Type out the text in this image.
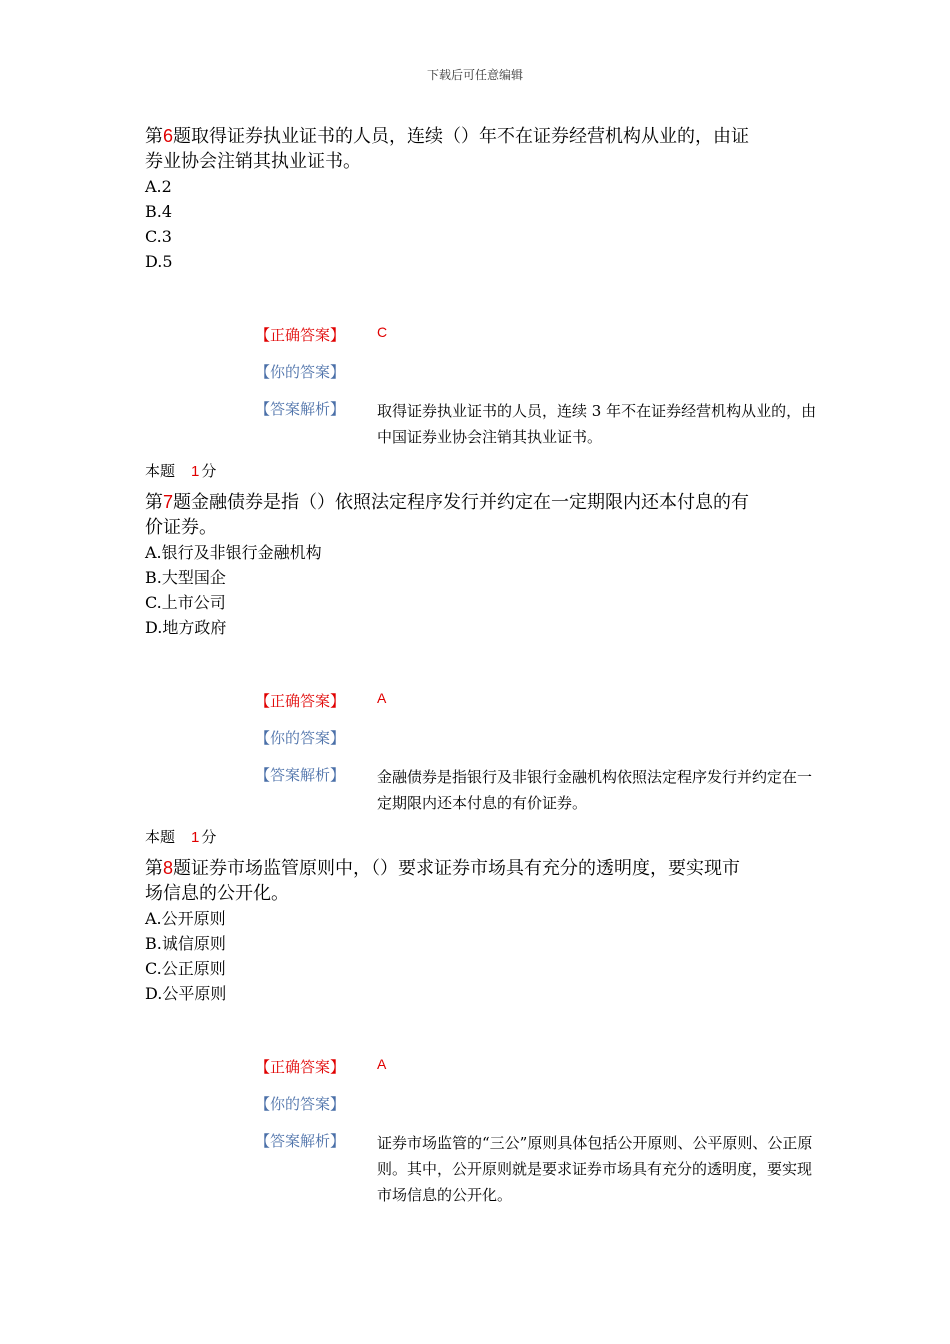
下载后可任意编辑
第6题取得证券执业证书的人员，连续（）年不在证券经营机构从业的，由证
券业协会注销其执业证书。
A.2
B.4
C.3
D.5
【正确答案】	C
【你的答案】
【答案解析】	取得证券执业证书的人员，连续 3 年不在证券经营机构从业的，由中国证券业协会注销其执业证书。
本题 1 分
第7题金融债券是指（）依照法定程序发行并约定在一定期限内还本付息的有
价证券。
A.银行及非银行金融机构
B.大型国企
C.上市公司
D.地方政府
【正确答案】	A
【你的答案】
【答案解析】	金融债券是指银行及非银行金融机构依照法定程序发行并约定在一定期限内还本付息的有价证券。
本题 1 分
第8题证券市场监管原则中，（）要求证券市场具有充分的透明度，要实现市
场信息的公开化。
A.公开原则
B.诚信原则
C.公正原则
D.公平原则
【正确答案】	A
【你的答案】
【答案解析】	证券市场监管的“三公”原则具体包括公开原则、公平原则、公正原则。其中，公开原则就是要求证券市场具有充分的透明度，要实现市场信息的公开化。
